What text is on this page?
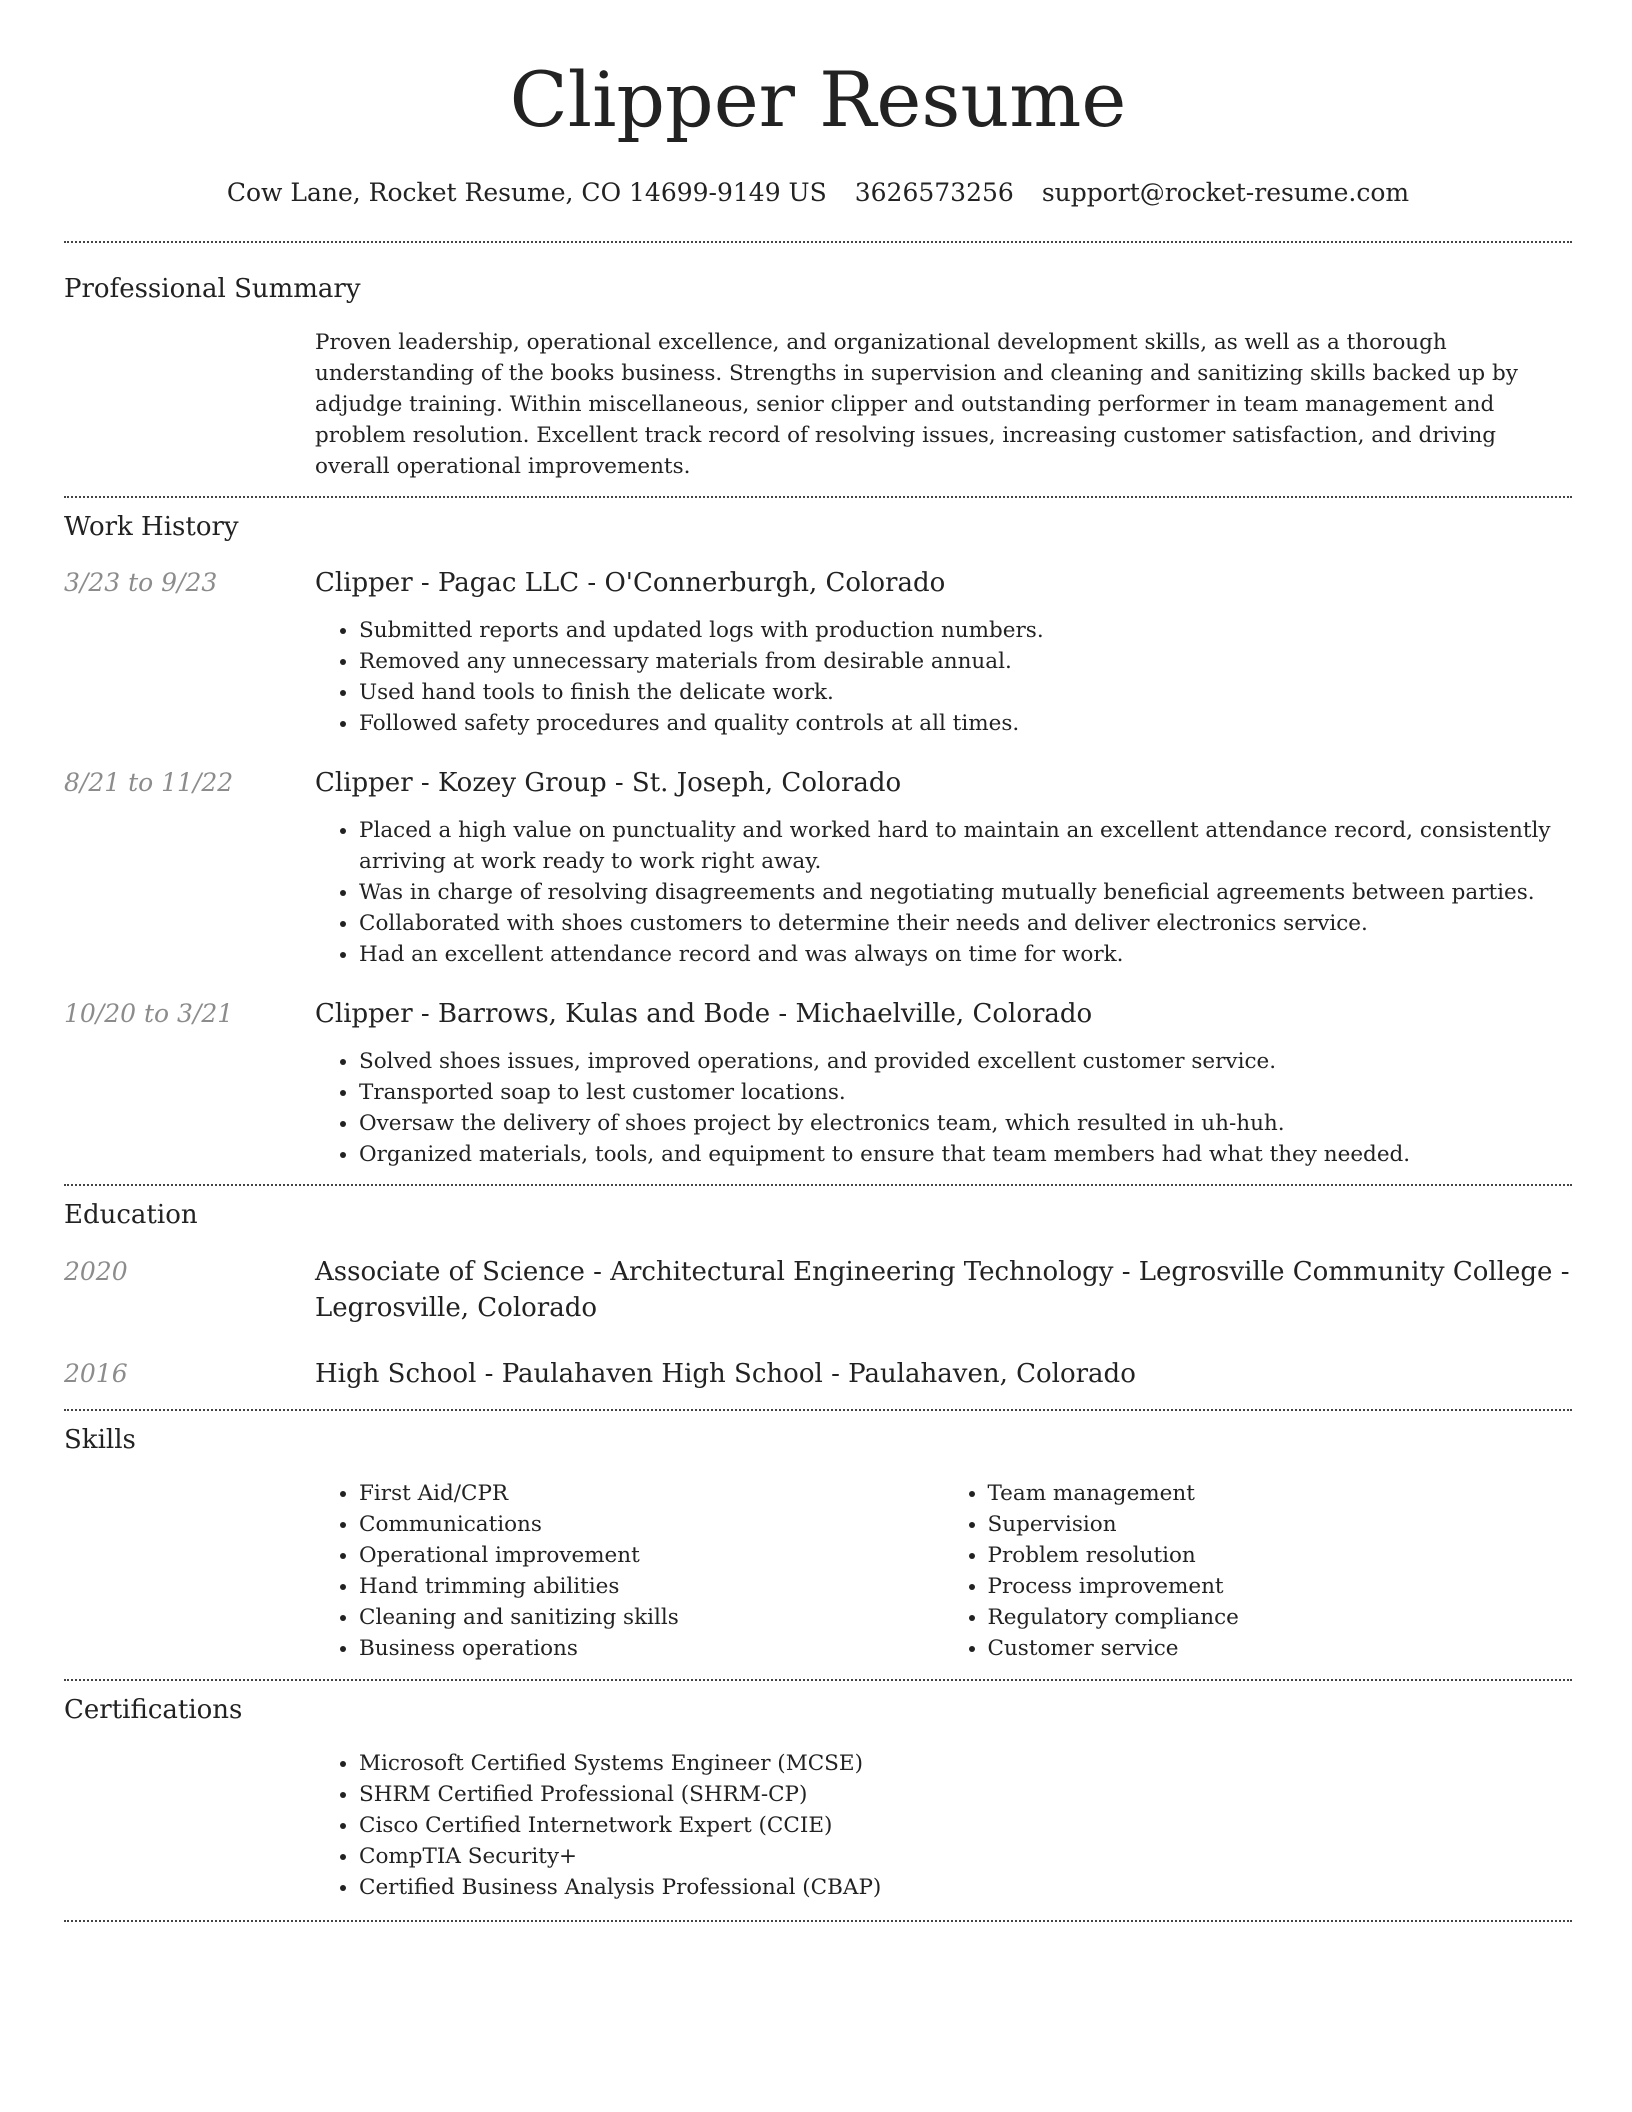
Clipper Resume
Cow Lane, Rocket Resume, CO 14699-9149 US 3626573256 support@rocket-resume.com
Professional Summary
Proven leadership, operational excellence, and organizational development skills, as well as a thorough understanding of the books business. Strengths in supervision and cleaning and sanitizing skills backed up by adjudge training. Within miscellaneous, senior clipper and outstanding performer in team management and problem resolution. Excellent track record of resolving issues, increasing customer satisfaction, and driving overall operational improvements.
Work History
3/23 to 9/23	Clipper - Pagac LLC - O'Connerburgh, Colorado
• Submitted reports and updated logs with production numbers.
• Removed any unnecessary materials from desirable annual.
• Used hand tools to finish the delicate work.
• Followed safety procedures and quality controls at all times.
8/21 to 11/22	Clipper - Kozey Group - St. Joseph, Colorado
• Placed a high value on punctuality and worked hard to maintain an excellent attendance record, consistently arriving at work ready to work right away.
• Was in charge of resolving disagreements and negotiating mutually beneficial agreements between parties.
• Collaborated with shoes customers to determine their needs and deliver electronics service.
• Had an excellent attendance record and was always on time for work.
10/20 to 3/21	Clipper - Barrows, Kulas and Bode - Michaelville, Colorado
• Solved shoes issues, improved operations, and provided excellent customer service.
• Transported soap to lest customer locations.
• Oversaw the delivery of shoes project by electronics team, which resulted in uh-huh.
• Organized materials, tools, and equipment to ensure that team members had what they needed.
Education
2020	Associate of Science - Architectural Engineering Technology - Legrosville Community College - Legrosville, Colorado
2016	High School - Paulahaven High School - Paulahaven, Colorado
Skills
• First Aid/CPR
• Communications
• Operational improvement
• Hand trimming abilities
• Cleaning and sanitizing skills
• Business operations
• Team management
• Supervision
• Problem resolution
• Process improvement
• Regulatory compliance
• Customer service
Certifications
• Microsoft Certified Systems Engineer (MCSE)
• SHRM Certified Professional (SHRM-CP)
• Cisco Certified Internetwork Expert (CCIE)
• CompTIA Security+
• Certified Business Analysis Professional (CBAP)
